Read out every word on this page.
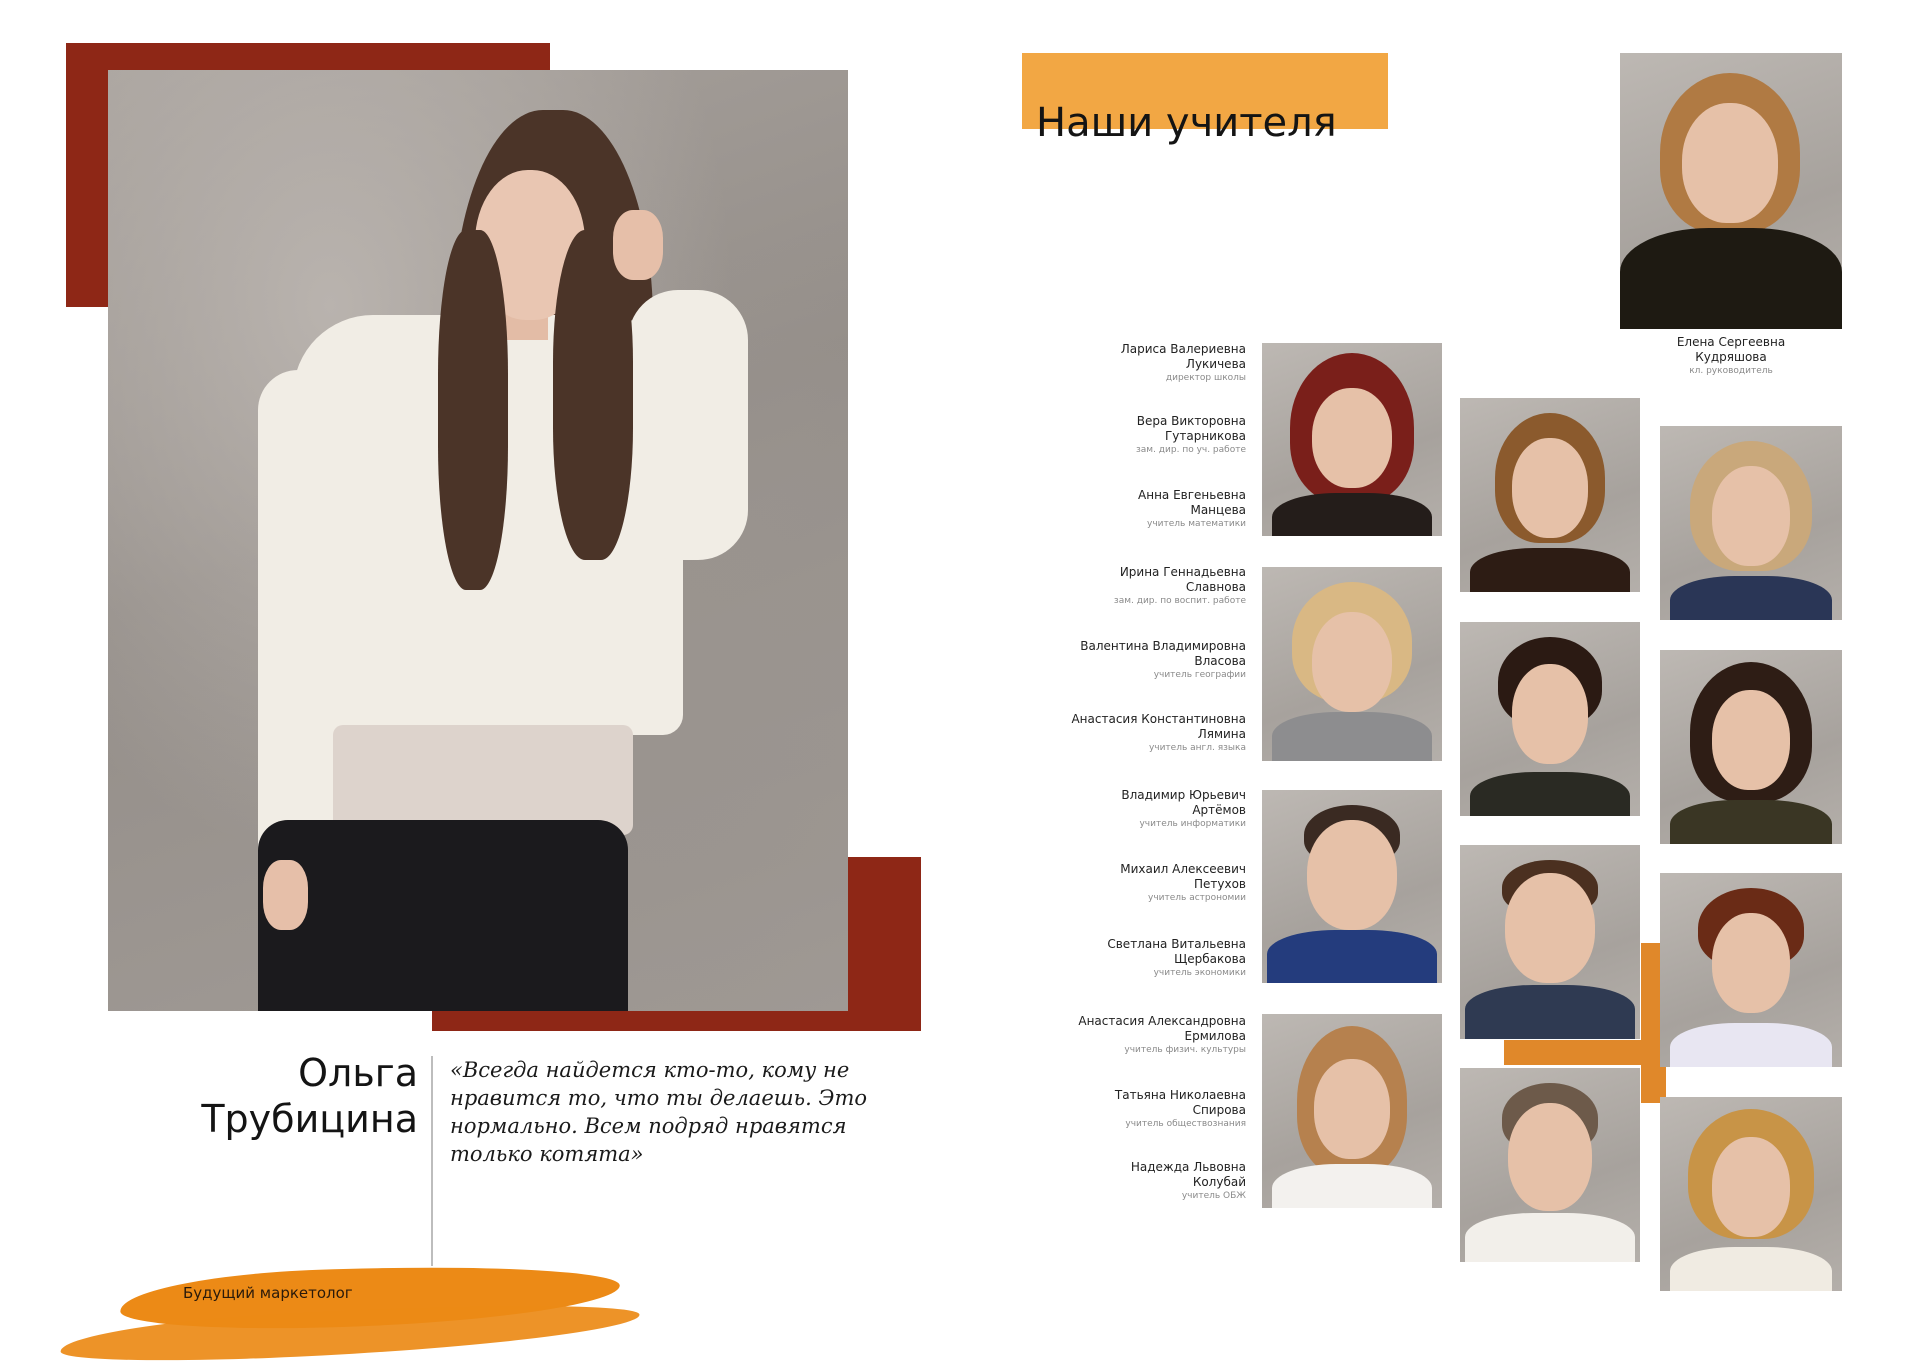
Ольга
Трубицина
«Всегда найдется кто-то, кому не нравится то, что ты делаешь. Это нормально. Всем подряд нравятся только котята»
Будущий маркетолог
Наши учителя
Елена Сергеевна
Кудряшова
кл. руководитель
Лариса Валериевна
Лукичева
директор школы
Вера Викторовна
Гутарникова
зам. дир. по уч. работе
Анна Евгеньевна
Манцева
учитель математики
Ирина Геннадьевна
Славнова
зам. дир. по воспит. работе
Валентина Владимировна
Власова
учитель географии
Анастасия Константиновна
Лямина
учитель англ. языка
Владимир Юрьевич
Артёмов
учитель информатики
Михаил Алексеевич
Петухов
учитель астрономии
Светлана Витальевна
Щербакова
учитель экономики
Анастасия Александровна
Ермилова
учитель физич. культуры
Татьяна Николаевна
Спирова
учитель обществознания
Надежда Львовна
Колубай
учитель ОБЖ
